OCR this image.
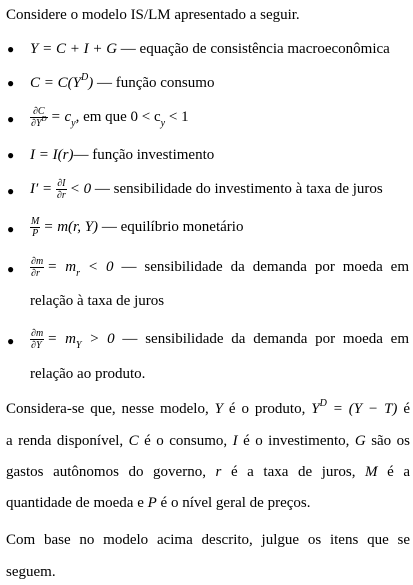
Considere o modelo IS/LM apresentado a seguir.
● Y = C + I + G — equação de consistência macroeconômica
● $C = C(Y^D)$ — função consumo
● $\frac{\partial C}{\partial Y^D} = c_y$, em que $0 < c_y < 1$
● I = I(r)— função investimento
● $I' = \frac{\partial I}{\partial r} < 0$ — sensibilidade do investimento à taxa de juros
● $\frac{M}{P} = m(r$, Y) — equilíbrio monetário
● $\frac{\partial m}{\partial r} = m_r < 0$ — sensibilidade da demanda por moeda em
relação à taxa de juros
● $\frac{\partial m}{\partial Y} = m_Y > 0$ — sensibilidade da demanda por moeda em
relação ao produto.
Considera-se que, nesse modelo, Y é o produto, $Y^D = (Y - T)$ é
a renda disponível, C é o consumo, I é o investimento, G são os
gastos autônomos do governo, r é a taxa de juros, M é a
quantidade de moeda e P é o nível geral de preços.
Com base no modelo acima descrito, julgue os itens que se
seguem.
